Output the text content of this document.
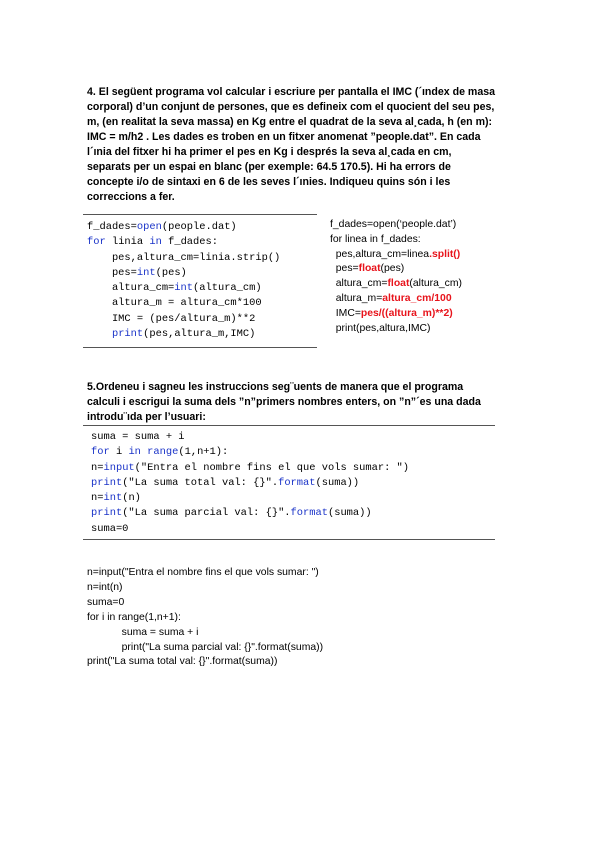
4. El següent programa vol calcular i escriure per pantalla el IMC (´ındex de masa
corporal) d’un conjunt de persones, que es defineix com el quocient del seu pes,
m, (en realitat la seva massa) en Kg entre el quadrat de la seva al¸cada, h (en m):
IMC = m/h2 . Les dades es troben en un fitxer anomenat ”people.dat”. En cada
l´ınia del fitxer hi ha primer el pes en Kg i després la seva al¸cada en cm,
separats per un espai en blanc (per exemple: 64.5 170.5). Hi ha errors de
concepte i/o de sintaxi en 6 de les seves l´ınies. Indiqueu quins són i les
correccions a fer.
f_dades=open(people.dat)
for linia in f_dades:
pes,altura_cm=linia.strip()
pes=int(pes)
altura_cm=int(altura_cm)
altura_m = altura_cm*100
IMC = (pes/altura_m)**2
print(pes,altura_m,IMC)
f_dades=open(‘people.dat’)
for linea in f_dades:
pes,altura_cm=linea.split()
pes=float(pes)
altura_cm=float(altura_cm)
altura_m=altura_cm/100
IMC=pes/((altura_m)**2)
print(pes,altura,IMC)
5.Ordeneu i sagneu les instruccions seg¨uents de manera que el programa
calculi i escrigui la suma dels ”n”primers nombres enters, on ”n”´es una dada
introdu¨ıda per l’usuari:
suma = suma + i
for i in range(1,n+1):
n=input("Entra el nombre fins el que vols sumar: ")
print("La suma total val: {}".format(suma))
n=int(n)
print("La suma parcial val: {}".format(suma))
suma=0
n=input("Entra el nombre fins el que vols sumar: ")
n=int(n)
suma=0
for i in range(1,n+1):
suma = suma + i
print("La suma parcial val: {}".format(suma))
print("La suma total val: {}".format(suma))
